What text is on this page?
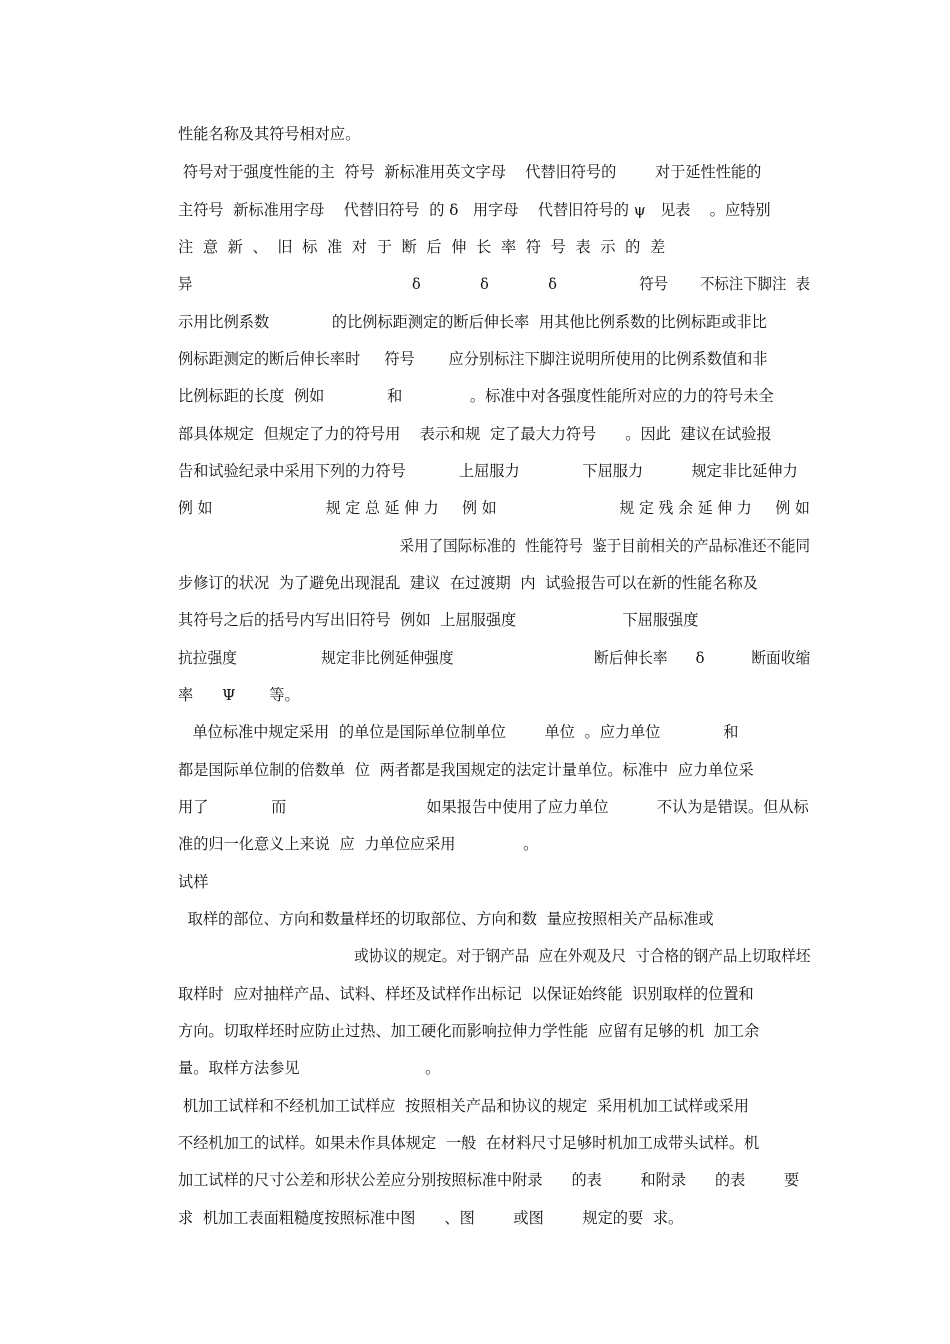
性能名称及其符号相对应。
符号对于强度性能的主  符号  新标准用英文字母    代替旧符号的        对于延性性能的
主符号  新标准用字母    代替旧符号  的 δ   用字母    代替旧符号的 ψ   见表    。应特别
注  意  新  、  旧  标  准  对  于  断  后  伸  长  率  符  号  表  示  的  差
异                                                δ             δ             δ                  符号       不标注下脚注  表
示用比例系数             的比例标距测定的断后伸长率  用其他比例系数的比例标距或非比
例标距测定的断后伸长率时     符号       应分别标注下脚注说明所使用的比例系数值和非
比例标距的长度  例如             和              。标准中对各强度性能所对应的力的符号未全
部具体规定  但规定了力的符号用    表示和规  定了最大力符号      。因此  建议在试验报
告和试验纪录中采用下列的力符号           上屈服力             下屈服力          规定非比延伸力
例 如                        规 定 总 延 伸 力     例 如                          规 定 残 余 延 伸 力     例 如
采用了国际标准的  性能符号  鉴于目前相关的产品标准还不能同
步修订的状况  为了避免出现混乱  建议  在过渡期  内  试验报告可以在新的性能名称及
其符号之后的括号内写出旧符号  例如  上屈服强度                      下屈服强度
抗拉强度                  规定非比例延伸强度                              断后伸长率      δ          断面收缩
率      Ψ       等。
单位标准中规定采用  的单位是国际单位制单位        单位  。应力单位             和
都是国际单位制的倍数单  位  两者都是我国规定的法定计量单位。标准中  应力单位采
用了             而                             如果报告中使用了应力单位          不认为是错误。但从标
准的归一化意义上来说  应  力单位应采用              。
试样
取样的部位、方向和数量样坯的切取部位、方向和数  量应按照相关产品标准或
或协议的规定。对于钢产品  应在外观及尺  寸合格的钢产品上切取样坯
取样时  应对抽样产品、试料、样坯及试样作出标记  以保证始终能  识别取样的位置和
方向。切取样坯时应防止过热、加工硬化而影响拉伸力学性能  应留有足够的机  加工余
量。取样方法参见                          。
机加工试样和不经机加工试样应  按照相关产品和协议的规定  采用机加工试样或采用
不经机加工的试样。如果未作具体规定  一般  在材料尺寸足够时机加工成带头试样。机
加工试样的尺寸公差和形状公差应分别按照标准中附录      的表        和附录      的表        要
求  机加工表面粗糙度按照标准中图      、图        或图        规定的要  求。
